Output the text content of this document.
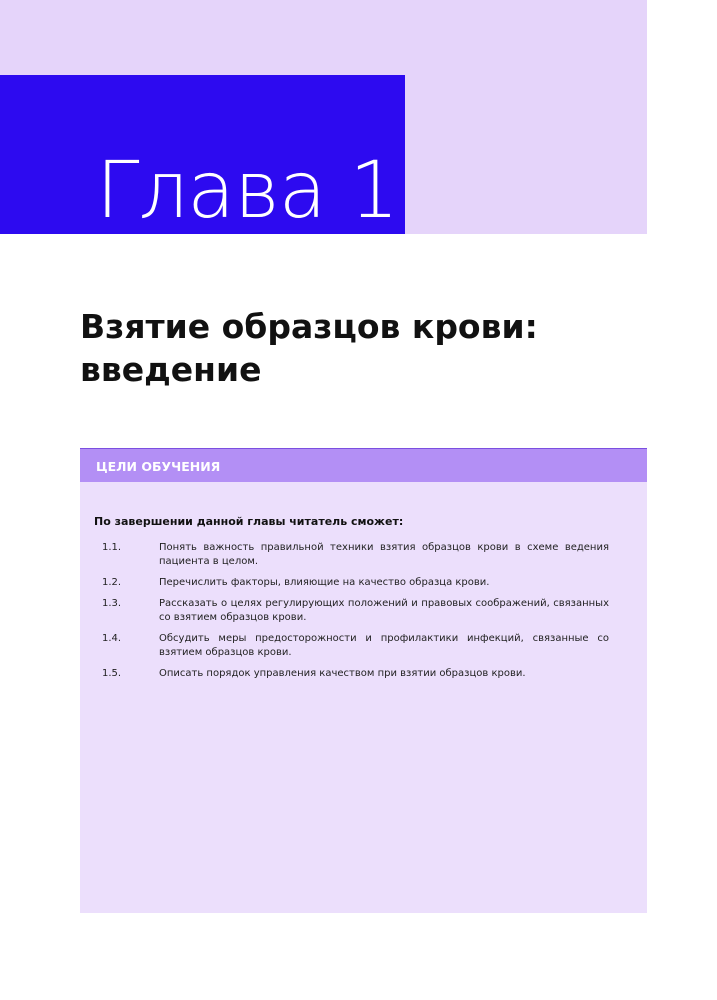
Глава 1
Взятие образцов крови: введение
ЦЕЛИ ОБУЧЕНИЯ
По завершении данной главы читатель сможет:
1.1.	Понять важность правильной техники взятия образцов крови в схеме ведения пациента в целом.
1.2.	Перечислить факторы, влияющие на качество образца крови.
1.3.	Рассказать о целях регулирующих положений и правовых соображений, связанных со взятием образцов крови.
1.4.	Обсудить меры предосторожности и профилактики инфекций, связанные со взятием образцов крови.
1.5.	Описать порядок управления качеством при взятии образцов крови.
